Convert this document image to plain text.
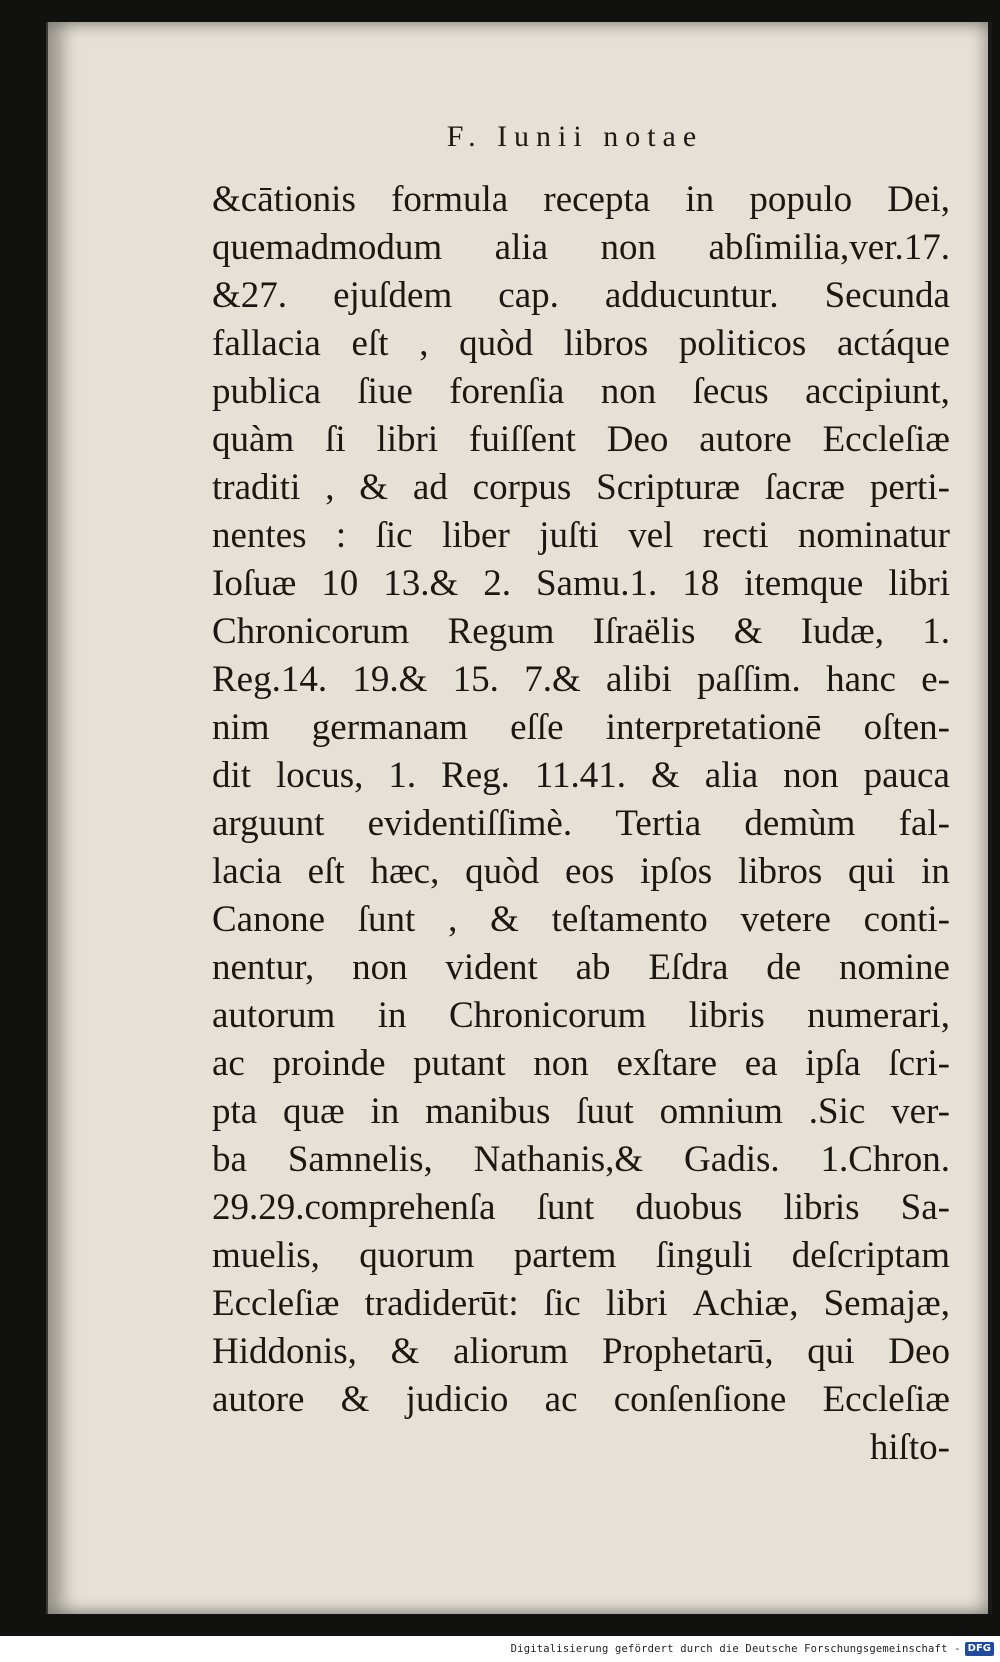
F. Iunii notae
&cātionis formula recepta in populo Dei,
quemadmodum alia non abſimilia,ver.17.
&27. ejuſdem cap. adducuntur. Secunda
fallacia eſt , quòd libros politicos actáque
publica ſiue forenſia non ſecus accipiunt,
quàm ſi libri fuiſſent Deo autore Eccleſiæ
traditi , & ad corpus Scripturæ ſacræ perti-
nentes : ſic liber juſti vel recti nominatur
Ioſuæ 10 13.& 2. Samu.1. 18 itemque libri
Chronicorum Regum Iſraëlis & Iudæ, 1.
Reg.14. 19.& 15. 7.& alibi paſſim. hanc e-
nim germanam eſſe interpretationē oſten-
dit locus, 1. Reg. 11.41. & alia non pauca
arguunt evidentiſſimè. Tertia demùm fal-
lacia eſt hæc, quòd eos ipſos libros qui in
Canone ſunt , & teſtamento vetere conti-
nentur, non vident ab Eſdra de nomine
autorum in Chronicorum libris numerari,
ac proinde putant non exſtare ea ipſa ſcri-
pta quæ in manibus ſuut omnium .Sic ver-
ba Samnelis, Nathanis,& Gadis. 1.Chron.
29.29.comprehenſa ſunt duobus libris Sa-
muelis, quorum partem ſinguli deſcriptam
Eccleſiæ tradiderūt: ſic libri Achiæ, Semajæ,
Hiddonis, & aliorum Prophetarū, qui Deo
autore & judicio ac conſenſione Eccleſiæ
hiſto-
Digitalisierung gefördert durch die Deutsche Forschungsgemeinschaft - DFG
